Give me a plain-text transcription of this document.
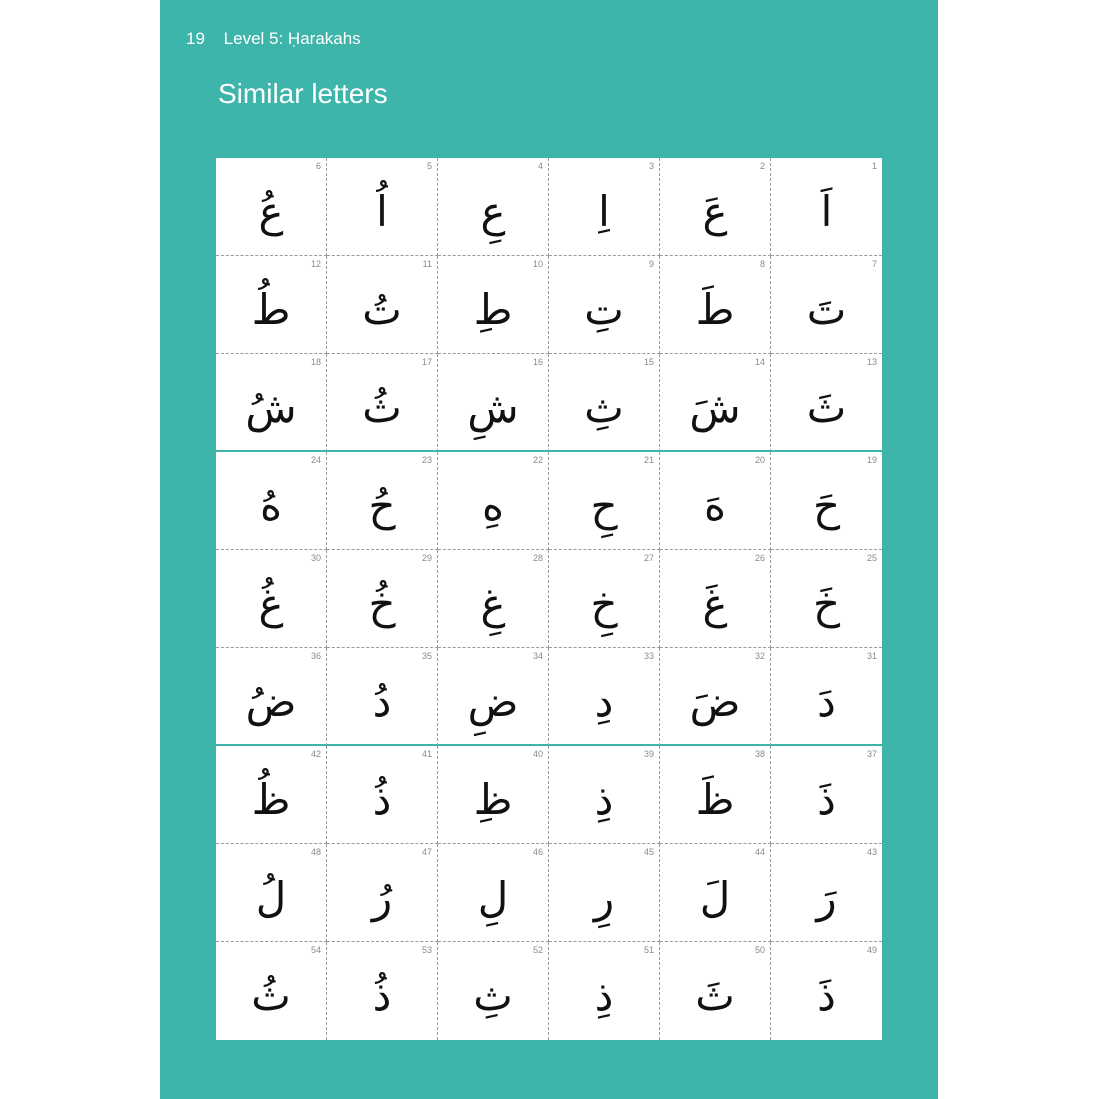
19 Level 5: Ḥarakahs
Similar letters
6
عُ
5
اُ
4
عِ
3
اِ
2
عَ
1
اَ
12
طُ
11
تُ
10
طِ
9
تِ
8
طَ
7
تَ
18
شُ
17
ثُ
16
شِ
15
ثِ
14
شَ
13
ثَ
24
هُ
23
حُ
22
هِ
21
حِ
20
هَ
19
حَ
30
غُ
29
خُ
28
غِ
27
خِ
26
غَ
25
خَ
36
ضُ
35
دُ
34
ضِ
33
دِ
32
ضَ
31
دَ
42
ظُ
41
ذُ
40
ظِ
39
ذِ
38
ظَ
37
ذَ
48
لُ
47
رُ
46
لِ
45
رِ
44
لَ
43
رَ
54
ثُ
53
ذُ
52
ثِ
51
ذِ
50
ثَ
49
ذَ
